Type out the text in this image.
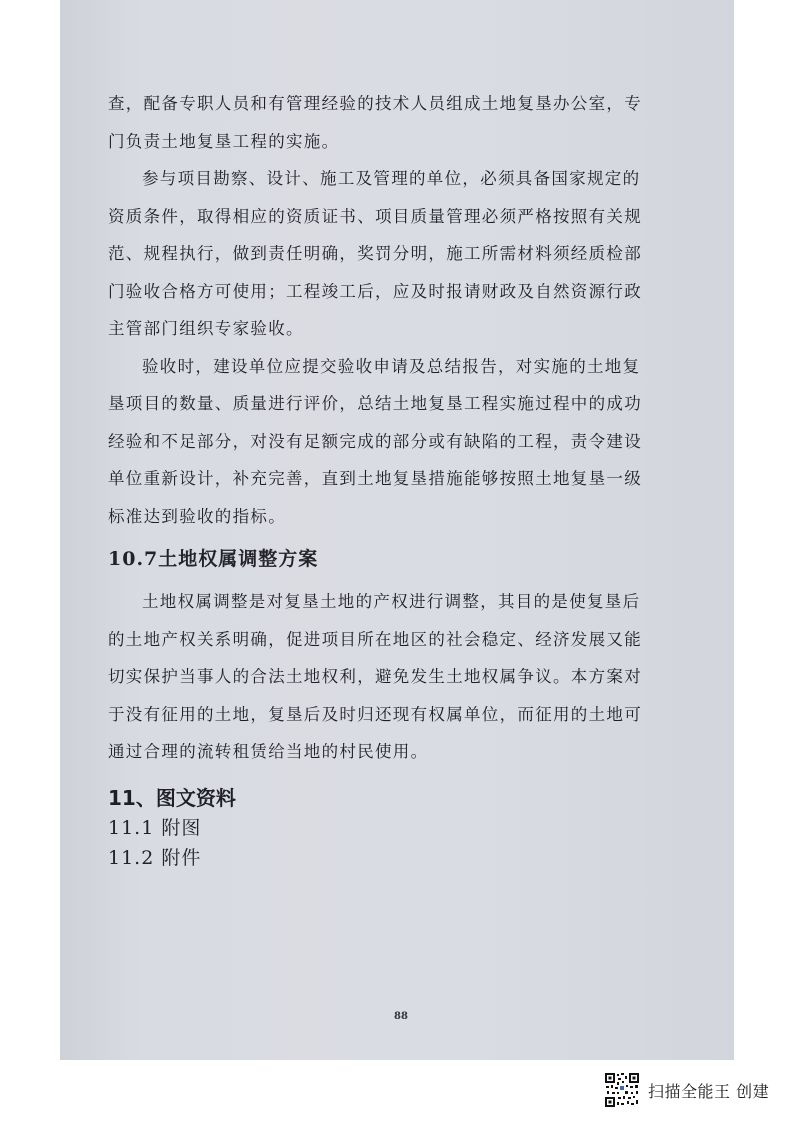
查，配备专职人员和有管理经验的技术人员组成土地复垦办公室，专
门负责土地复垦工程的实施。

参与项目勘察、设计、施工及管理的单位，必须具备国家规定的
资质条件，取得相应的资质证书、项目质量管理必须严格按照有关规
范、规程执行，做到责任明确，奖罚分明，施工所需材料须经质检部
门验收合格方可使用；工程竣工后，应及时报请财政及自然资源行政
主管部门组织专家验收。

验收时，建设单位应提交验收申请及总结报告，对实施的土地复
垦项目的数量、质量进行评价，总结土地复垦工程实施过程中的成功
经验和不足部分，对没有足额完成的部分或有缺陷的工程，责令建设
单位重新设计，补充完善，直到土地复垦措施能够按照土地复垦一级
标准达到验收的指标。

10.7土地权属调整方案

土地权属调整是对复垦土地的产权进行调整，其目的是使复垦后
的土地产权关系明确，促进项目所在地区的社会稳定、经济发展又能
切实保护当事人的合法土地权利，避免发生土地权属争议。本方案对
于没有征用的土地，复垦后及时归还现有权属单位，而征用的土地可
通过合理的流转租赁给当地的村民使用。

11、图文资料
11.1 附图
11.2 附件
88
扫描全能王 创建
